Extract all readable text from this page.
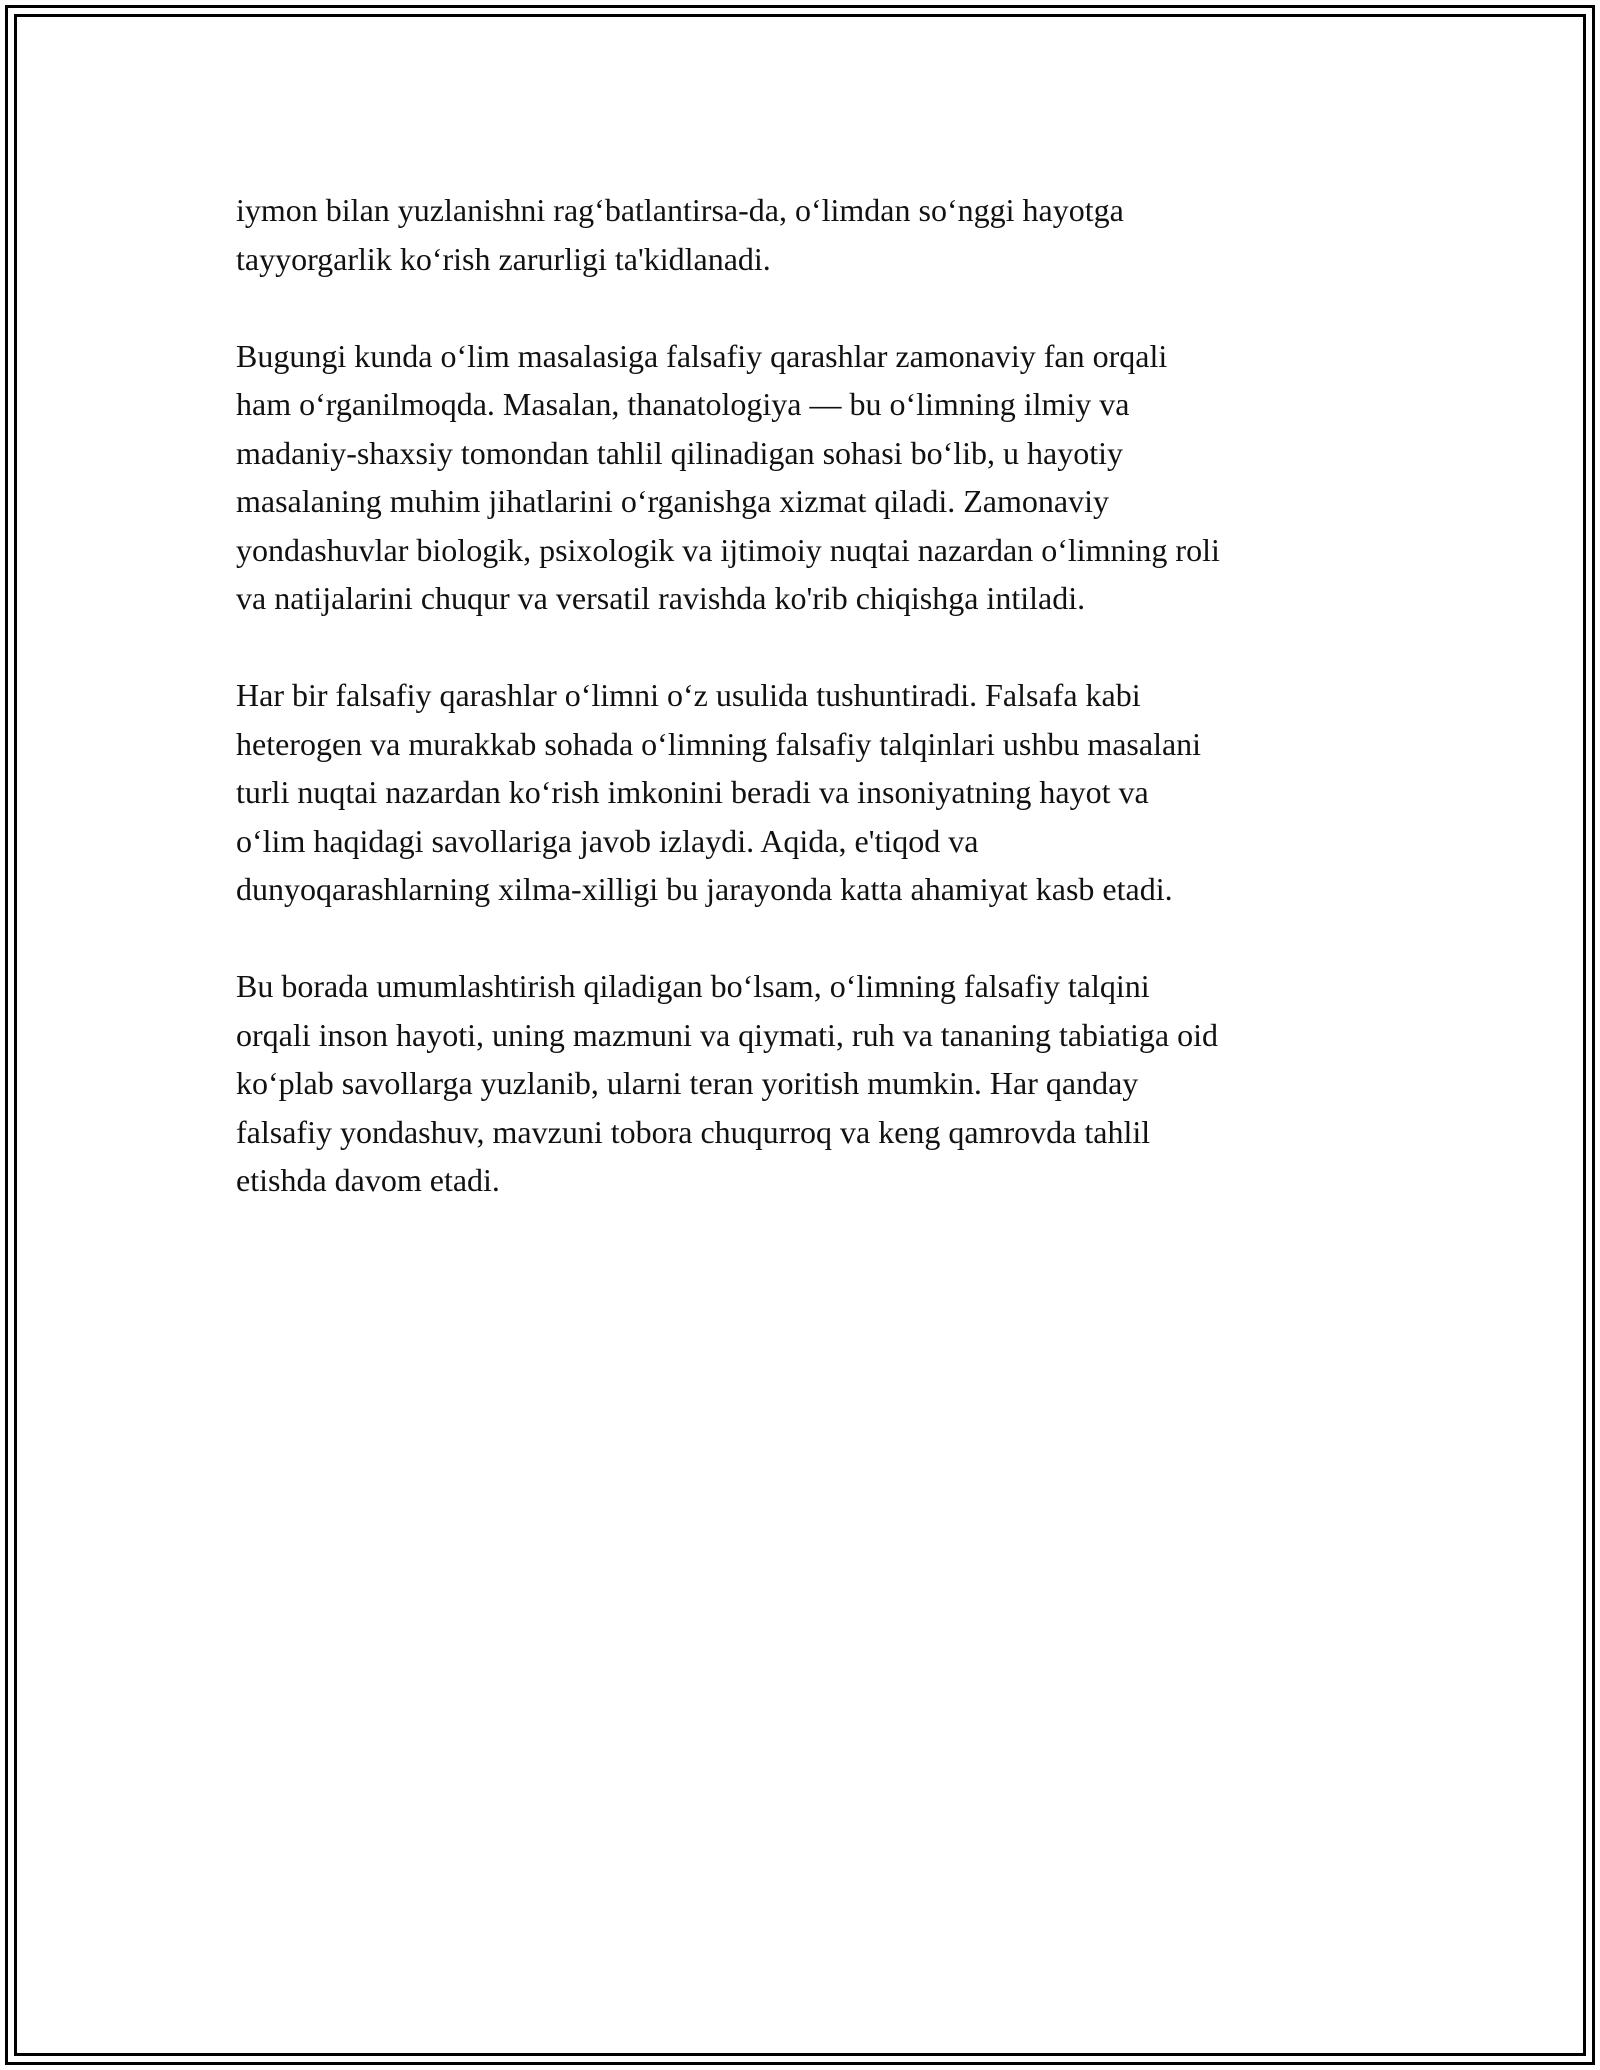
iymon bilan yuzlanishni rag‘batlantirsa-da, o‘limdan so‘nggi hayotga
tayyorgarlik ko‘rish zarurligi ta'kidlanadi.

Bugungi kunda o‘lim masalasiga falsafiy qarashlar zamonaviy fan orqali
ham o‘rganilmoqda. Masalan, thanatologiya — bu o‘limning ilmiy va
madaniy-shaxsiy tomondan tahlil qilinadigan sohasi bo‘lib, u hayotiy
masalaning muhim jihatlarini o‘rganishga xizmat qiladi. Zamonaviy
yondashuvlar biologik, psixologik va ijtimoiy nuqtai nazardan o‘limning roli
va natijalarini chuqur va versatil ravishda ko'rib chiqishga intiladi.

Har bir falsafiy qarashlar o‘limni o‘z usulida tushuntiradi. Falsafa kabi
heterogen va murakkab sohada o‘limning falsafiy talqinlari ushbu masalani
turli nuqtai nazardan ko‘rish imkonini beradi va insoniyatning hayot va
o‘lim haqidagi savollariga javob izlaydi. Aqida, e'tiqod va
dunyoqarashlarning xilma-xilligi bu jarayonda katta ahamiyat kasb etadi.

Bu borada umumlashtirish qiladigan bo‘lsam, o‘limning falsafiy talqini
orqali inson hayoti, uning mazmuni va qiymati, ruh va tananing tabiatiga oid
ko‘plab savollarga yuzlanib, ularni teran yoritish mumkin. Har qanday
falsafiy yondashuv, mavzuni tobora chuqurroq va keng qamrovda tahlil
etishda davom etadi.
